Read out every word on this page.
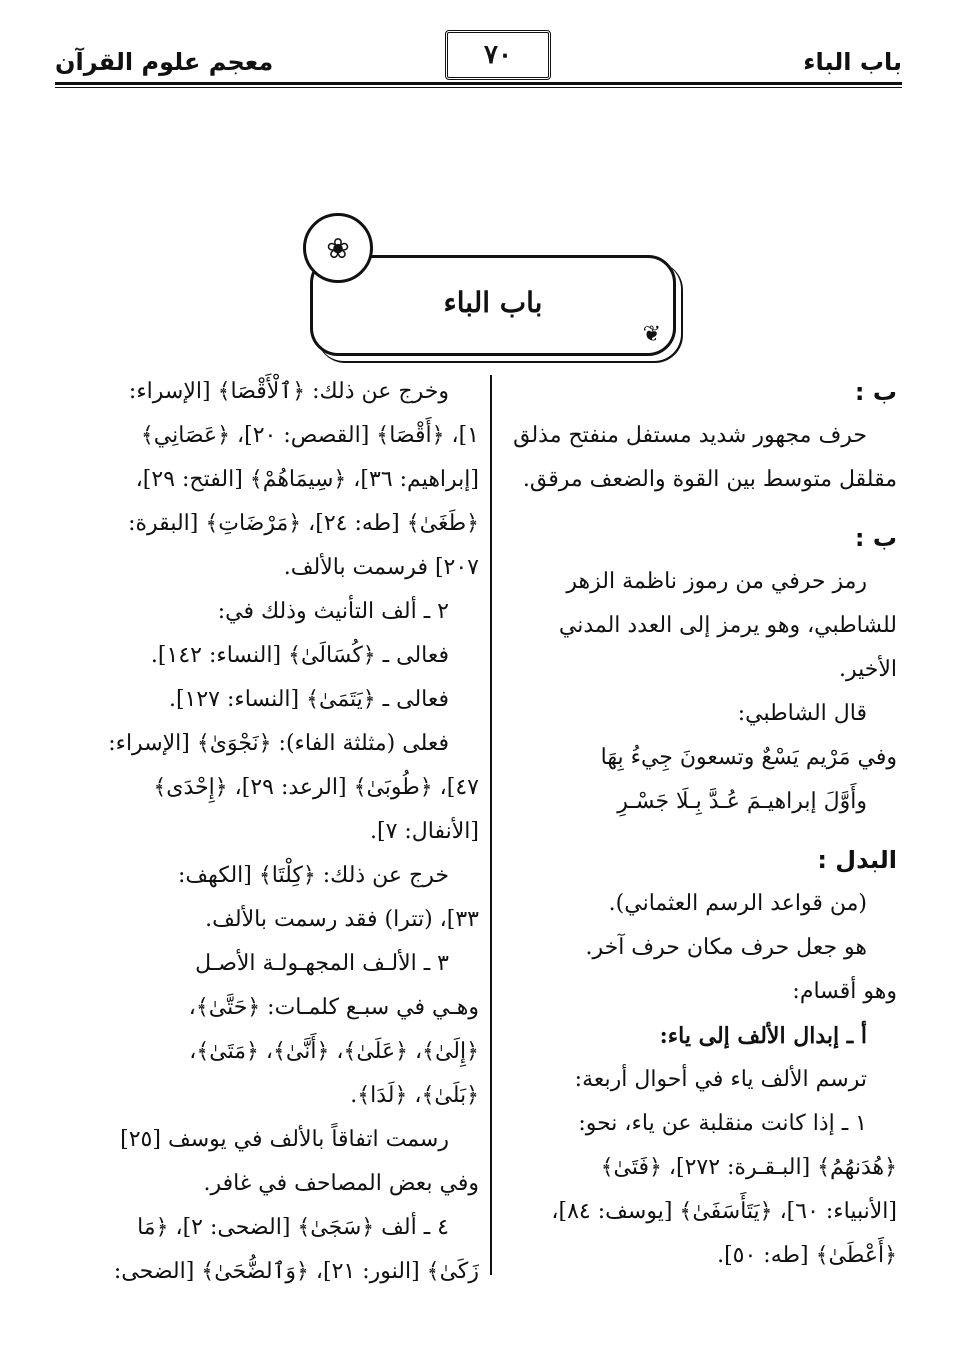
باب الباء
٧٠
معجم علوم القرآن
❀
باب الباء
❦

ب :

حرف مجهور شديد مستفل منفتح مذلق

مقلقل متوسط بين القوة والضعف مرقق.

ب :

رمز حرفي من رموز ناظمة الزهر

للشاطبي، وهو يرمز إلى العدد المدني

الأخير.

قال الشاطبي:

وفي مَرْيم يَسْعٌ وتسعونَ جِيءُ بِهَا

وأَوَّلَ إبراهيـمَ عُـدَّ بِـلَا جَسْـرِ

البدل :

(من قواعد الرسم العثماني).

هو جعل حرف مكان حرف آخر.

وهو أقسام:

أ ـ إبدال الألف إلى ياء:

ترسم الألف ياء في أحوال أربعة:

١ ـ إذا كانت منقلبة عن ياء، نحو:

﴿هُدَنهُمُ﴾ [البـقـرة: ٢٧٢]، ﴿فَتَىٰ﴾

[الأنبياء: ٦٠]، ﴿يَتَأَسَفَىٰ﴾ [يوسف: ٨٤]،

﴿أَعْطَىٰ﴾ [طه: ٥٠].

وخرج عن ذلك: ﴿ٱلْأَقْصَا﴾ [الإسراء:

١]، ﴿أَقْصَا﴾ [القصص: ٢٠]، ﴿عَصَانِي﴾

[إبراهيم: ٣٦]، ﴿سِيمَاهُمْ﴾ [الفتح: ٢٩]،

﴿طَغَىٰ﴾ [طه: ٢٤]، ﴿مَرْضَاتِ﴾ [البقرة:

٢٠٧] فرسمت بالألف.

٢ ـ ألف التأنيث وذلك في:

فعالى ـ ﴿كُسَالَىٰ﴾ [النساء: ١٤٢].

فعالى ـ ﴿يَتَمَىٰ﴾ [النساء: ١٢٧].

فعلى (مثلثة الفاء): ﴿نَجْوَىٰ﴾ [الإسراء:

٤٧]، ﴿طُوبَىٰ﴾ [الرعد: ٢٩]، ﴿إِحْدَى﴾

[الأنفال: ٧].

خرج عن ذلك: ﴿كِلْتَا﴾ [الكهف:

٣٣]، (تترا) فقد رسمت بالألف.

٣ ـ الألـف المجهـولـة الأصـل

وهـي في سبـع كلمـات: ﴿حَتَّىٰ﴾،

﴿إِلَىٰ﴾، ﴿عَلَىٰ﴾، ﴿أَنَّىٰ﴾، ﴿مَتَىٰ﴾،

﴿بَلَىٰ﴾، ﴿لَدَا﴾.

رسمت اتفاقاً بالألف في يوسف [٢٥]

وفي بعض المصاحف في غافر.

٤ ـ ألف ﴿سَجَىٰ﴾ [الضحى: ٢]، ﴿مَا

زَكَىٰ﴾ [النور: ٢١]، ﴿وَٱلضُّحَىٰ﴾ [الضحى:
